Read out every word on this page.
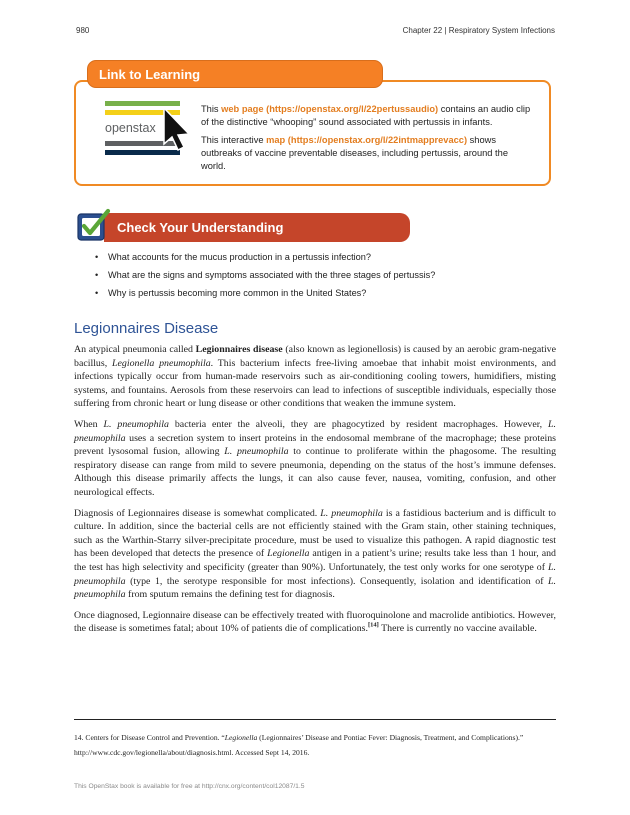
980	Chapter 22 | Respiratory System Infections
Link to Learning
openstax

This web page (https://openstax.org/l/22pertussaudio) contains an audio clip of the distinctive “whooping” sound associated with pertussis in infants.

This interactive map (https://openstax.org/l/22intmapprevacc) shows outbreaks of vaccine preventable diseases, including pertussis, around the world.

Check Your Understanding
• What accounts for the mucus production in a pertussis infection?
• What are the signs and symptoms associated with the three stages of pertussis?
• Why is pertussis becoming more common in the United States?
Legionnaires Disease

An atypical pneumonia called Legionnaires disease (also known as legionellosis) is caused by an aerobic gram-negative bacillus, Legionella pneumophila. This bacterium infects free-living amoebae that inhabit moist environments, and infections typically occur from human-made reservoirs such as air-conditioning cooling towers, humidifiers, misting systems, and fountains. Aerosols from these reservoirs can lead to infections of susceptible individuals, especially those suffering from chronic heart or lung disease or other conditions that weaken the immune system.

When L. pneumophila bacteria enter the alveoli, they are phagocytized by resident macrophages. However, L. pneumophila uses a secretion system to insert proteins in the endosomal membrane of the macrophage; these proteins prevent lysosomal fusion, allowing L. pneumophila to continue to proliferate within the phagosome. The resulting respiratory disease can range from mild to severe pneumonia, depending on the status of the host’s immune defenses. Although this disease primarily affects the lungs, it can also cause fever, nausea, vomiting, confusion, and other neurological effects.

Diagnosis of Legionnaires disease is somewhat complicated. L. pneumophila is a fastidious bacterium and is difficult to culture. In addition, since the bacterial cells are not efficiently stained with the Gram stain, other staining techniques, such as the Warthin-Starry silver-precipitate procedure, must be used to visualize this pathogen. A rapid diagnostic test has been developed that detects the presence of Legionella antigen in a patient’s urine; results take less than 1 hour, and the test has high selectivity and specificity (greater than 90%). Unfortunately, the test only works for one serotype of L. pneumophila (type 1, the serotype responsible for most infections). Consequently, isolation and identification of L. pneumophila from sputum remains the defining test for diagnosis.

Once diagnosed, Legionnaire disease can be effectively treated with fluoroquinolone and macrolide antibiotics. However, the disease is sometimes fatal; about 10% of patients die of complications.[14] There is currently no vaccine available.

14. Centers for Disease Control and Prevention. “Legionella (Legionnaires’ Disease and Pontiac Fever: Diagnosis, Treatment, and Complications).” http://www.cdc.gov/legionella/about/diagnosis.html. Accessed Sept 14, 2016.
This OpenStax book is available for free at http://cnx.org/content/col12087/1.5
